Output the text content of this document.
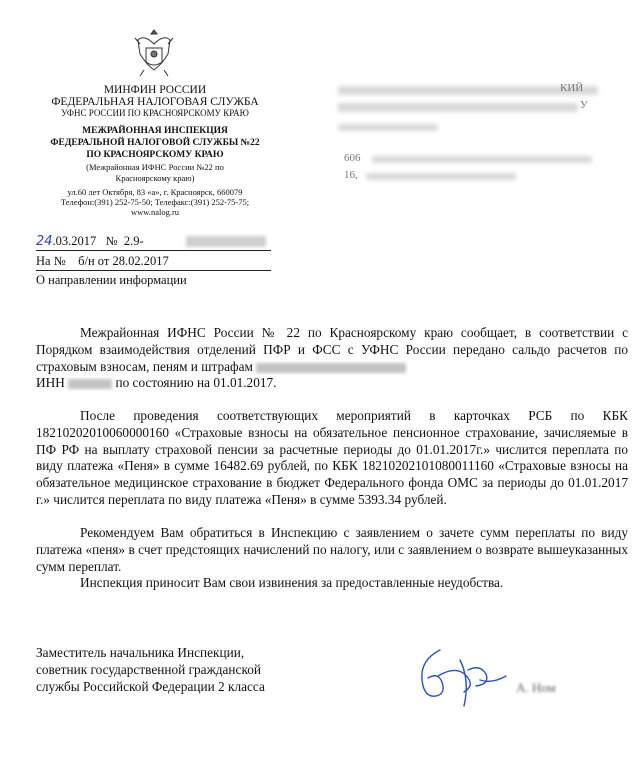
МИНФИН РОССИИ
ФЕДЕРАЛЬНАЯ НАЛОГОВАЯ СЛУЖБА
УФНС РОССИИ ПО КРАСНОЯРСКОМУ КРАЮ
МЕЖРАЙОННАЯ ИНСПЕКЦИЯ
ФЕДЕРАЛЬНОЙ НАЛОГОВОЙ СЛУЖБЫ №22
ПО КРАСНОЯРСКОМУ КРАЮ
(Межрайонная ИФНС России №22 по
Красноярскому краю)
ул.60 лет Октября, 83 «а», г. Красноярск, 660079
Телефон:(391) 252-75-50; Телефакс:(391) 252-75-75;
www.nalog.ru
КИЙ
У
606
16,
24.03.2017 № 2.9-
На № б/н от 28.02.2017
О направлении информации
Межрайонная ИФНС России № 22 по Красноярскому краю сообщает, в соответствии с Порядком взаимодействия отделений ПФР и ФСС с УФНС России передано сальдо расчетов по страховым взносам, пеням и штрафам
ИНН	по состоянию на 01.01.2017.
После проведения соответствующих мероприятий в карточках РСБ по КБК 18210202010060000160 «Страховые взносы на обязательное пенсионное страхование, зачисляемые в ПФ РФ на выплату страховой пенсии за расчетные периоды до 01.01.2017г.» числится переплата по виду платежа «Пеня» в сумме 16482.69 рублей, по КБК 18210202101080011160 «Страховые взносы на обязательное медицинское страхование в бюджет Федерального фонда ОМС за периоды до 01.01.2017 г.» числится переплата по виду платежа «Пеня» в сумме 5393.34 рублей.
Рекомендуем Вам обратиться в Инспекцию с заявлением о зачете сумм переплаты по виду платежа «пеня» в счет предстоящих начислений по налогу, или с заявлением о возврате вышеуказанных сумм переплат.
Инспекция приносит Вам свои извинения за предоставленные неудобства.
Заместитель начальника Инспекции,
советник государственной гражданской
службы Российской Федерации 2 класса	А. Ном
